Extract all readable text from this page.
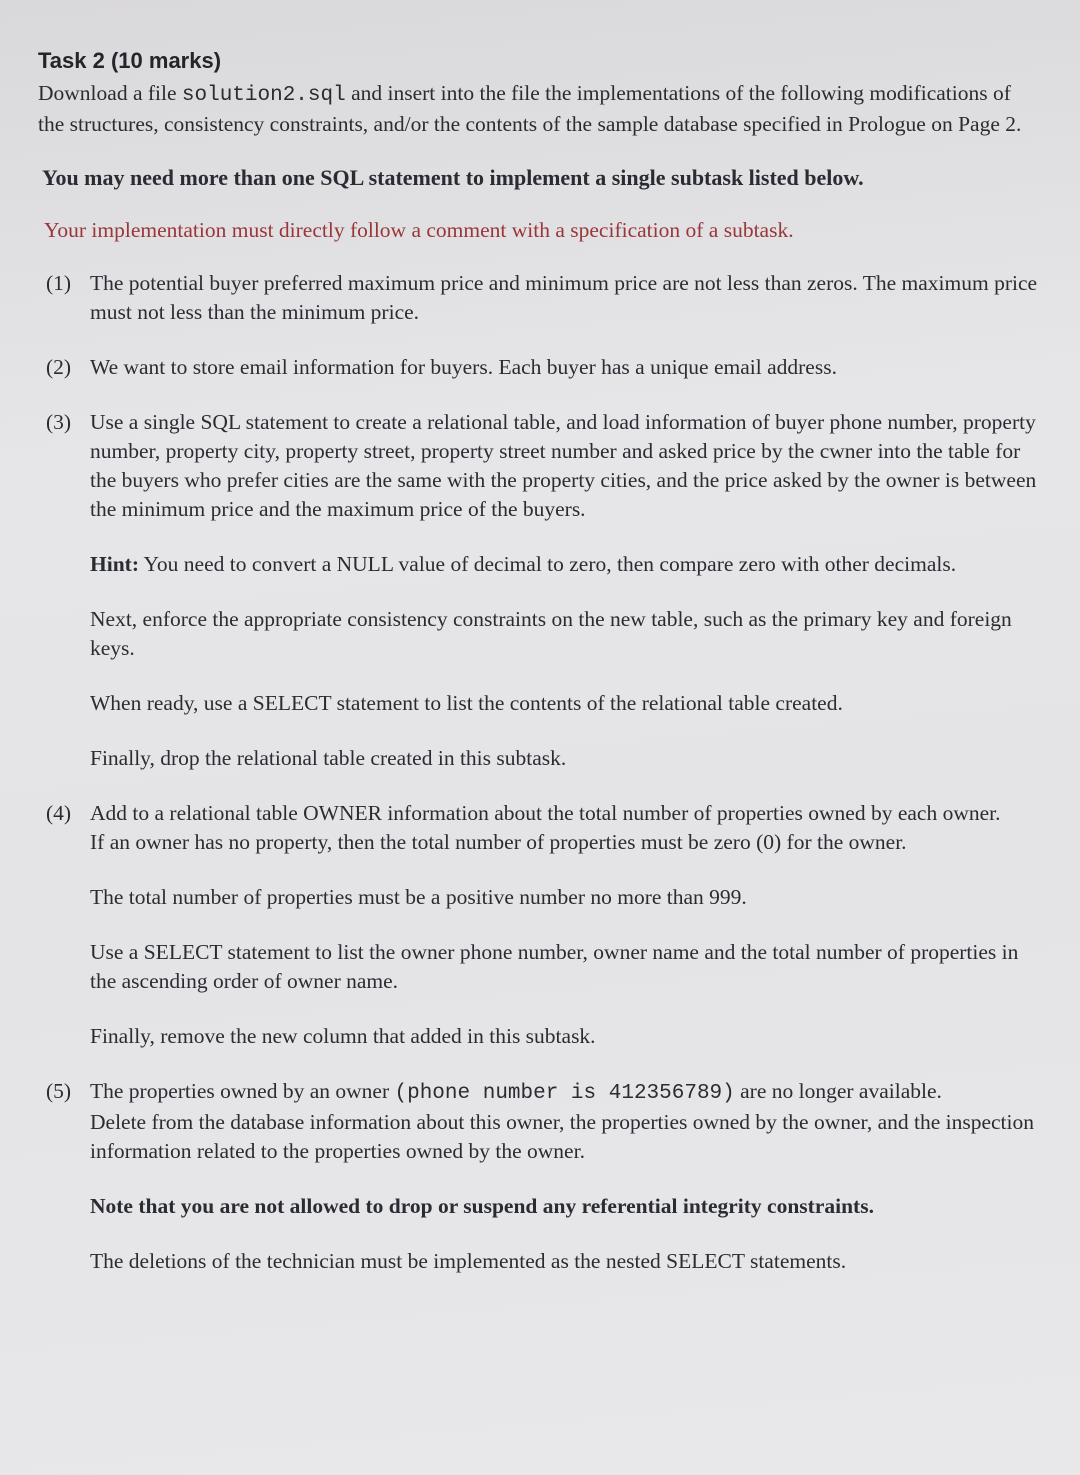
Task 2 (10 marks)

Download a file solution2.sql and insert into the file the implementations of the following modifications of the structures, consistency constraints, and/or the contents of the sample database specified in Prologue on Page 2.

You may need more than one SQL statement to implement a single subtask listed below.

Your implementation must directly follow a comment with a specification of a subtask.

(1) The potential buyer preferred maximum price and minimum price are not less than zeros. The maximum price must not less than the minimum price.

(2) We want to store email information for buyers. Each buyer has a unique email address.

(3) Use a single SQL statement to create a relational table, and load information of buyer phone number, property number, property city, property street, property street number and asked price by the cwner into the table for the buyers who prefer cities are the same with the property cities, and the price asked by the owner is between the minimum price and the maximum price of the buyers.

Hint: You need to convert a NULL value of decimal to zero, then compare zero with other decimals.

Next, enforce the appropriate consistency constraints on the new table, such as the primary key and foreign keys.

When ready, use a SELECT statement to list the contents of the relational table created.

Finally, drop the relational table created in this subtask.

(4) Add to a relational table OWNER information about the total number of properties owned by each owner.

If an owner has no property, then the total number of properties must be zero (0) for the owner.

The total number of properties must be a positive number no more than 999.

Use a SELECT statement to list the owner phone number, owner name and the total number of properties in the ascending order of owner name.

Finally, remove the new column that added in this subtask.

(5) The properties owned by an owner (phone number is 412356789) are no longer available.

Delete from the database information about this owner, the properties owned by the owner, and the inspection information related to the properties owned by the owner.

Note that you are not allowed to drop or suspend any referential integrity constraints.

The deletions of the technician must be implemented as the nested SELECT statements.
